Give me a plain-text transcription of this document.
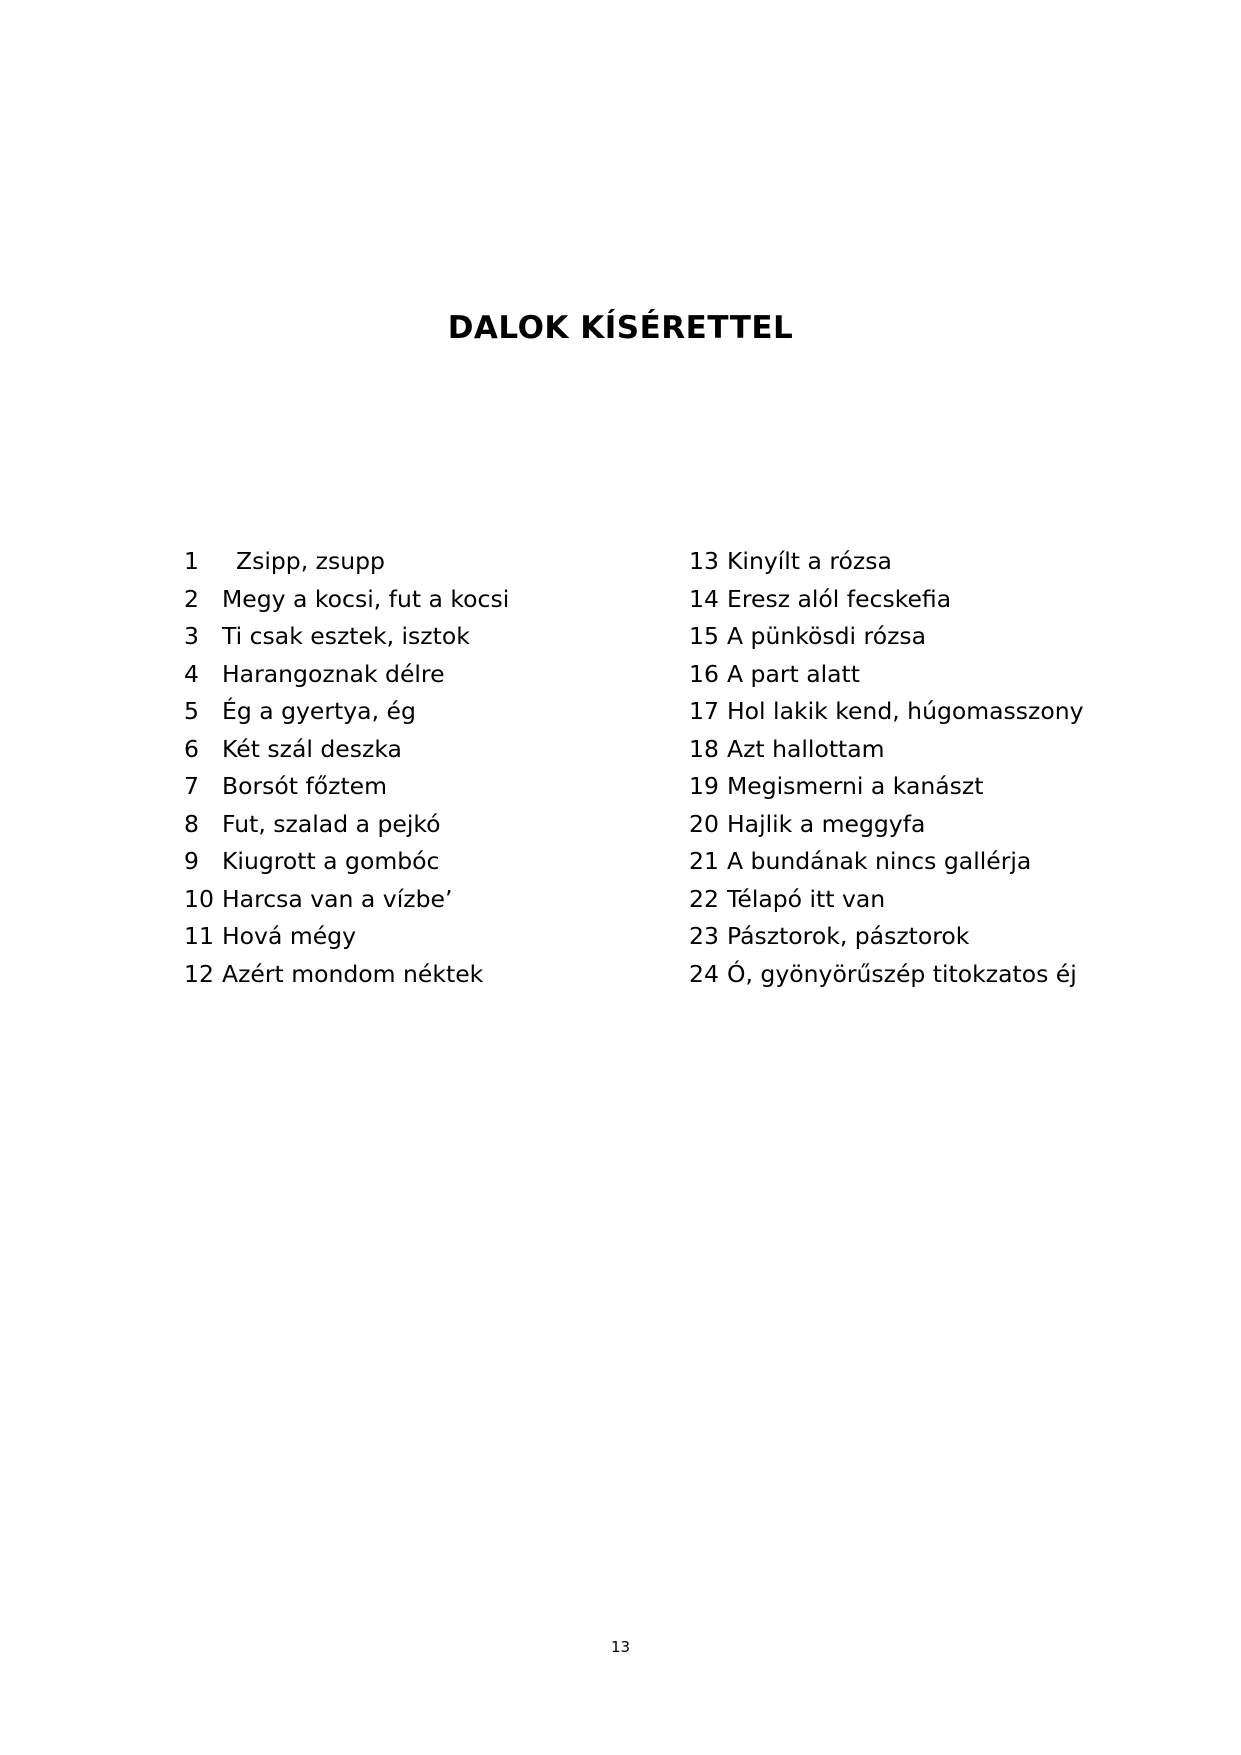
DALOK KÍSÉRETTEL
1	Zsipp, zsupp
2 Megy a kocsi, fut a kocsi
3 Ti csak esztek, isztok
4 Harangoznak délre
5 Ég a gyertya, ég
6 Két szál deszka
7 Borsót főztem
8 Fut, szalad a pejkó
9 Kiugrott a gombóc
10 Harcsa van a vízbe’
11 Hová mégy
12 Azért mondom néktek
13 Kinyílt a rózsa
14 Eresz alól fecskefia
15 A pünkösdi rózsa
16 A part alatt
17 Hol lakik kend, húgomasszony
18 Azt hallottam
19 Megismerni a kanászt
20 Hajlik a meggyfa
21 A bundának nincs gallérja
22 Télapó itt van
23 Pásztorok, pásztorok
24 Ó, gyönyörűszép titokzatos éj
13
